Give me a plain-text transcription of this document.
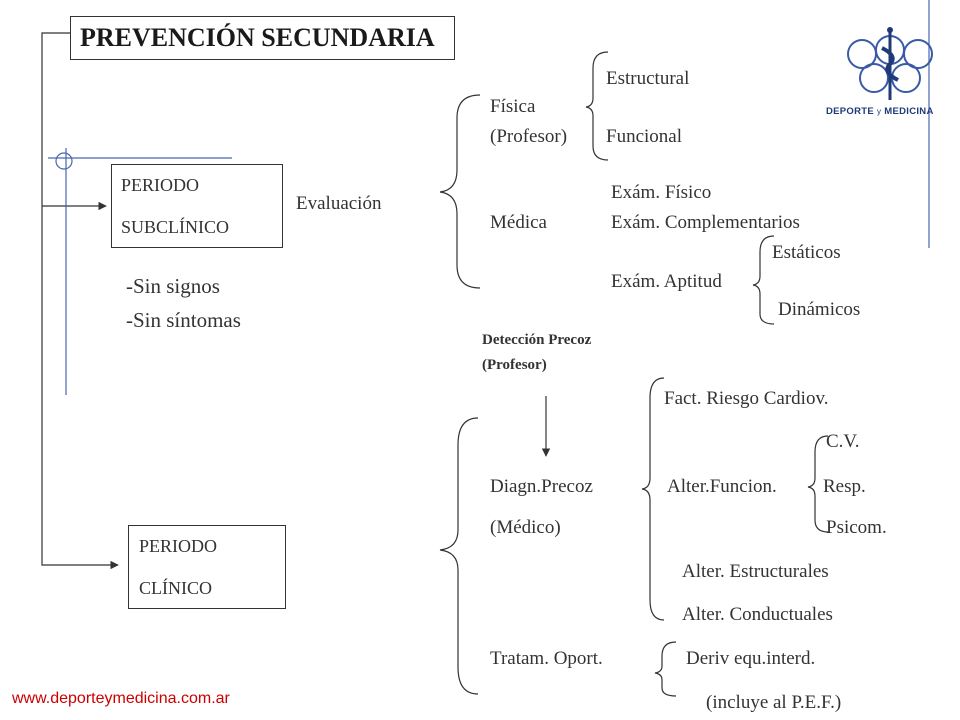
PREVENCIÓN SECUNDARIA
PERIODO
SUBCLÍNICO
PERIODO
CLÍNICO
-Sin signos
-Sin síntomas
Evaluación
Física
(Profesor)
Estructural
Funcional
Médica
Exám. Físico
Exám. Complementarios
Exám. Aptitud
Estáticos
Dinámicos
Detección Precoz
(Profesor)
Fact. Riesgo Cardiov.
C.V.
Diagn.Precoz	Alter.Funcion. Resp.
(Médico)	Psicom.
Alter. Estructurales
Alter. Conductuales
Tratam. Oport.	Deriv equ.interd.
(incluye al P.E.F.)
www.deporteymedicina.com.ar
DEPORTE y MEDICINA
